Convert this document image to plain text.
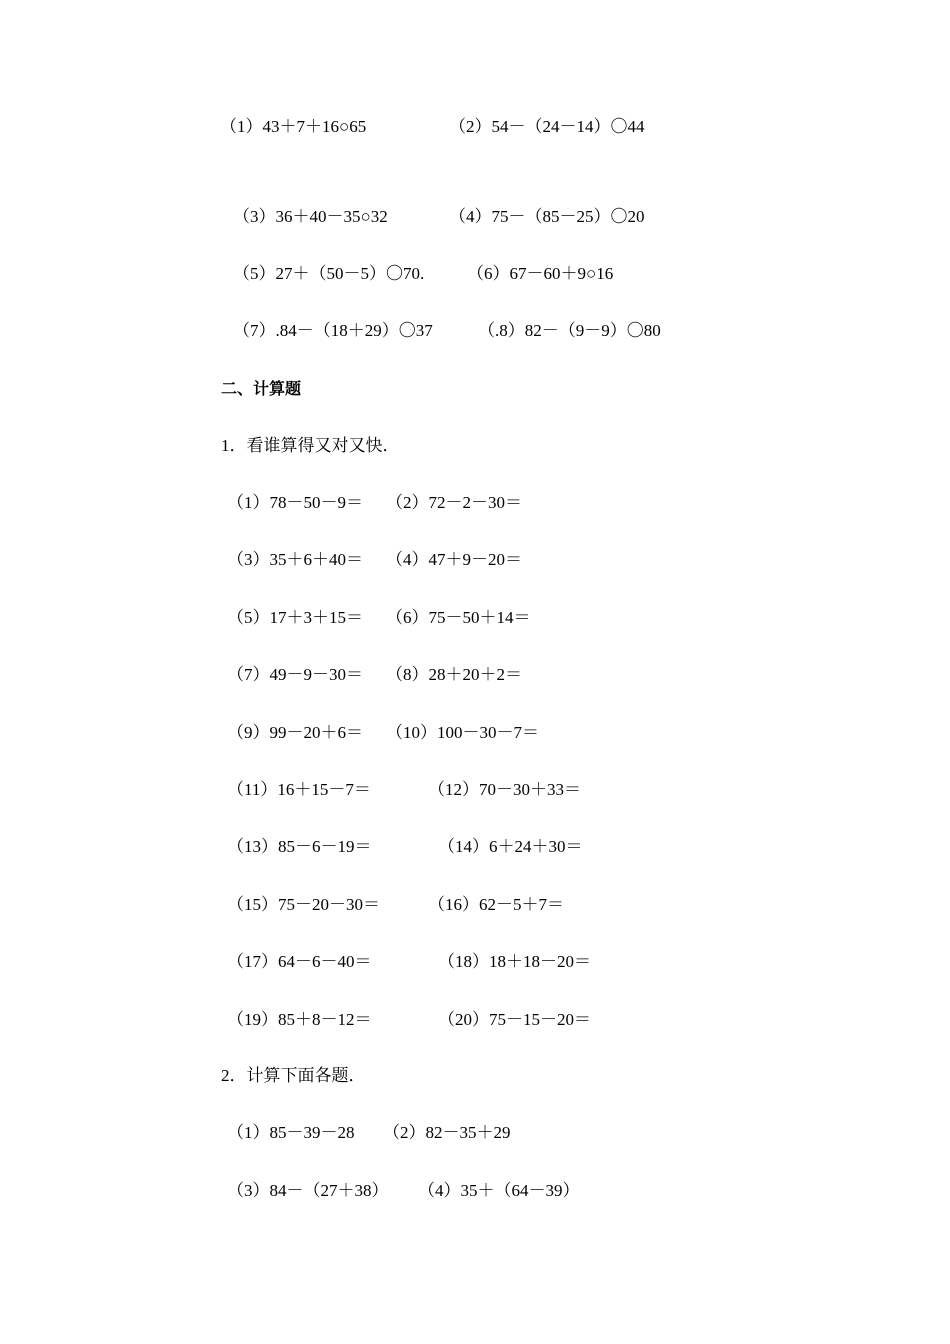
（1）43＋7＋16○65	（2）54－（24－14）〇44
（3）36＋40－35○32	（4）75－（85－25）〇20
（5）27＋（50－5）〇70.	（6）67－60＋9○16
（7）.84－（18＋29）〇37	（.8）82－（9－9）〇80
二、计算题
1．看谁算得又对又快．
（1）78－50－9＝ （2）72－2－30＝
（3）35＋6＋40＝ （4）47＋9－20＝
（5）17＋3＋15＝ （6）75－50＋14＝
（7）49－9－30＝ （8）28＋20＋2＝
（9）99－20＋6＝ （10）100－30－7＝
（11）16＋15－7＝	（12）70－30＋33＝
（13）85－6－19＝	（14）6＋24＋30＝
（15）75－20－30＝	（16）62－5＋7＝
（17）64－6－40＝	（18）18＋18－20＝
（19）85＋8－12＝	（20）75－15－20＝
2．计算下面各题．
（1）85－39－28 （2）82－35＋29
（3）84－（27＋38） （4）35＋（64－39）
